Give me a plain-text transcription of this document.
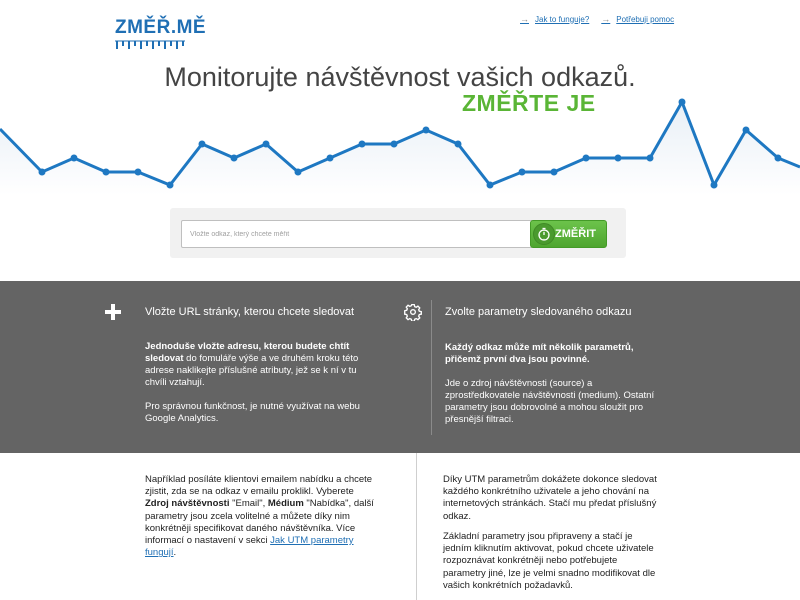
ZMĚŘ.MĚ	→ Jak to funguje? → Potřebuji pomoc
Monitorujte návštěvnost vašich odkazů.
ZMĚŘTE JE
Vložte odkaz, který chcete měřit
ZMĚŘIT
Vložte URL stránky, kterou chcete sledovat
Jednoduše vložte adresu, kterou budete chtít sledovat do fomuláře výše a ve druhém kroku této adrese naklikejte příslušné atributy, jež se k ní v tu chvíli vztahují.
Pro správnou funkčnost, je nutné využívat na webu Google Analytics.
Zvolte parametry sledovaného odkazu
Každý odkaz může mít několik parametrů, přičemž první dva jsou povinné.
Jde o zdroj návštěvnosti (source) a zprostředkovatele návštěvnosti (medium). Ostatní parametry jsou dobrovolné a mohou sloužit pro přesnější filtraci.
Například posíláte klientovi emailem nabídku a chcete zjistit, zda se na odkaz v emailu proklikl. Vyberete Zdroj návštěvnosti "Email", Médium "Nabídka", další parametry jsou zcela volitelné a můžete díky nim konkrétněji specifikovat daného návštěvníka. Více informací o nastavení v sekci Jak UTM parametry fungují.
Díky UTM parametrům dokážete dokonce sledovat každého konkrétního uživatele a jeho chování na internetových stránkách. Stačí mu předat příslušný odkaz.
Základní parametry jsou připraveny a stačí je jedním kliknutím aktivovat, pokud chcete uživatele rozpoznávat konkrétněji nebo potřebujete parametry jiné, lze je velmi snadno modifikovat dle vašich konkrétních požadavků.
